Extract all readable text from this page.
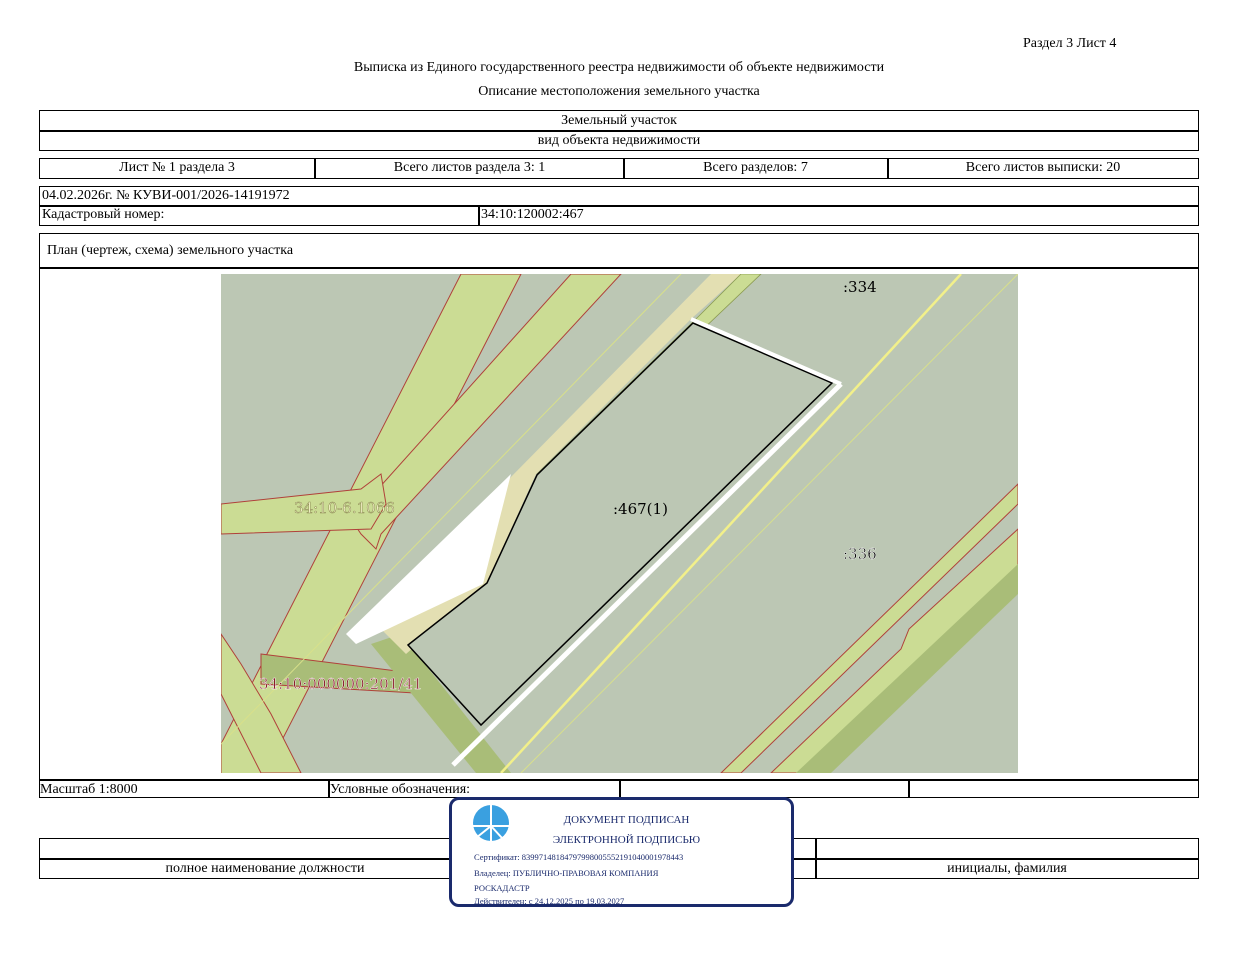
Раздел 3 Лист 4
Выписка из Единого государственного реестра недвижимости об объекте недвижимости
Описание местоположения земельного участка
Земельный участок
вид объекта недвижимости
Лист № 1 раздела 3	Всего листов раздела 3: 1	Всего разделов: 7	Всего листов выписки: 20
04.02.2026г. № КУВИ-001/2026-14191972
Кадастровый номер:	34:10:120002:467
План (чертеж, схема) земельного участка
Масштаб 1:8000	Условные обозначения:
:334
:336
:467(1)
34:10-6.1066
34:10:000000:201/41
полное наименование должности	инициалы, фамилия
ДОКУМЕНТ ПОДПИСАН
ЭЛЕКТРОННОЙ ПОДПИСЬЮ
Сертификат: 839971481847979980055521910400019784​43
Владелец: ПУБЛИЧНО-ПРАВОВАЯ КОМПАНИЯ
РОСКАДАСТР
Действителен: с 24.12.2025 по 19.03.2027
